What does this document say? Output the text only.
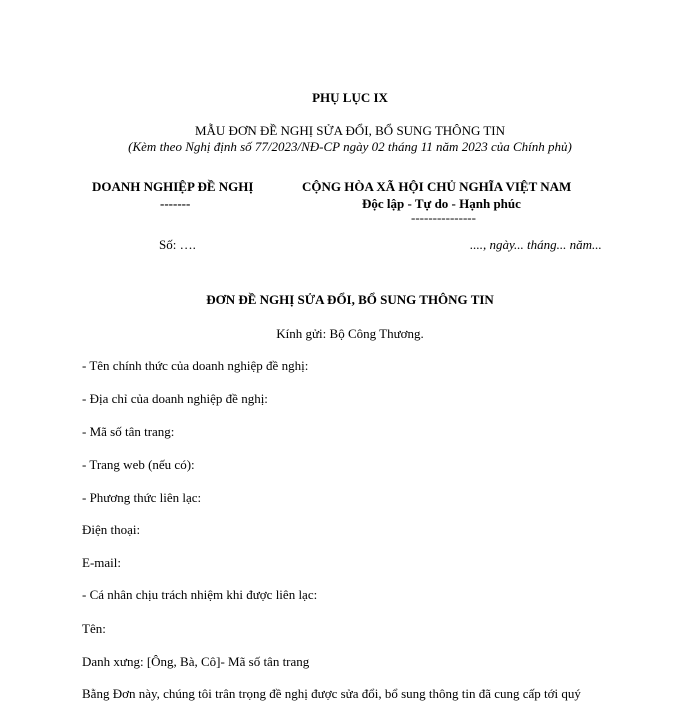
PHỤ LỤC IX
MẪU ĐƠN ĐỀ NGHỊ SỬA ĐỔI, BỔ SUNG THÔNG TIN
(Kèm theo Nghị định số 77/2023/NĐ-CP ngày 02 tháng 11 năm 2023 của Chính phủ)
DOANH NGHIỆP ĐỀ NGHỊ
-------
CỘNG HÒA XÃ HỘI CHỦ NGHĨA VIỆT NAM
Độc lập - Tự do - Hạnh phúc
---------------
Số: ….	...., ngày... tháng... năm...
ĐƠN ĐỀ NGHỊ SỬA ĐỔI, BỔ SUNG THÔNG TIN
Kính gửi: Bộ Công Thương.
- Tên chính thức của doanh nghiệp đề nghị:
- Địa chỉ của doanh nghiệp đề nghị:
- Mã số tân trang:
- Trang web (nếu có):
- Phương thức liên lạc:
Điện thoại:
E-mail:
- Cá nhân chịu trách nhiệm khi được liên lạc:
Tên:
Danh xưng: [Ông, Bà, Cô]- Mã số tân trang
Bằng Đơn này, chúng tôi trân trọng đề nghị được sửa đổi, bổ sung thông tin đã cung cấp tới quý
